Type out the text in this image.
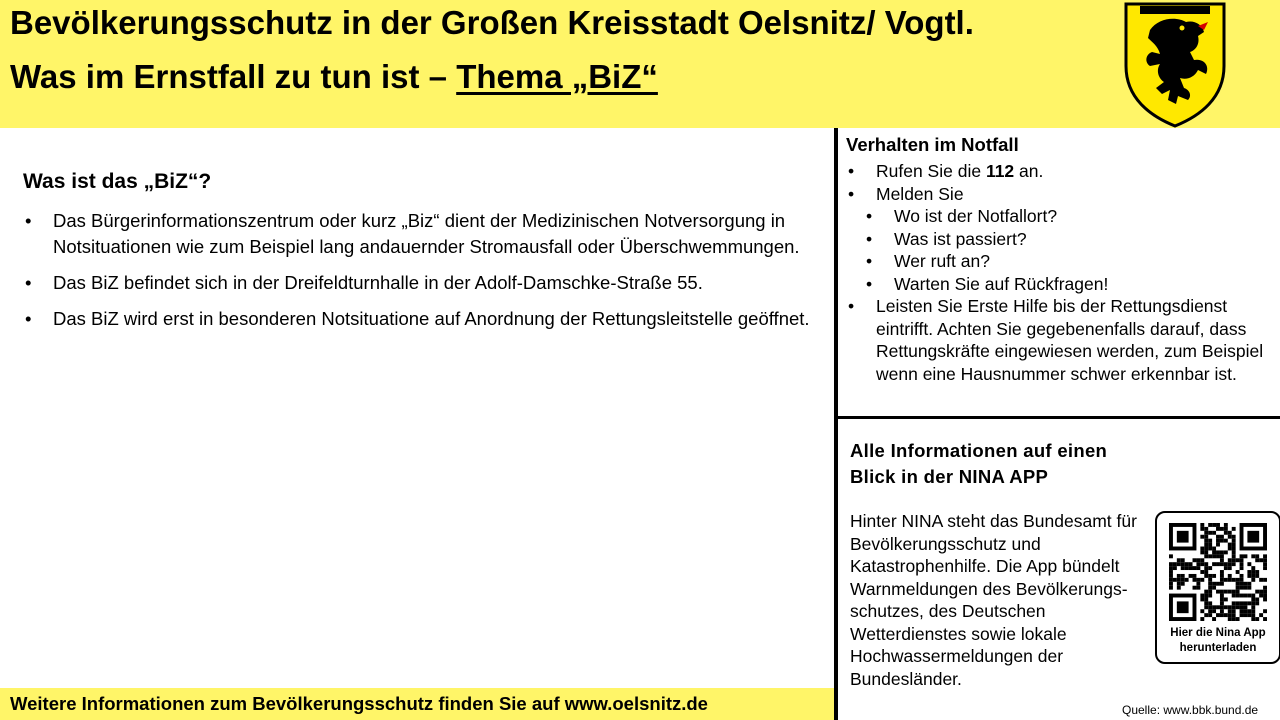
Bevölkerungsschutz in der Großen Kreisstadt Oelsnitz/ Vogtl.
Was im Ernstfall zu tun ist – Thema „BiZ“
Was ist das „BiZ“?
• Das Bürgerinformationszentrum oder kurz „Biz“ dient der Medizinischen Notversorgung in Notsituationen wie zum Beispiel lang andauernder Stromausfall oder Überschwemmungen.
• Das BiZ befindet sich in der Dreifeldturnhalle in der Adolf-Damschke-Straße 55.
• Das BiZ wird erst in besonderen Notsituatione auf Anordnung der Rettungsleitstelle geöffnet.
Verhalten im Notfall
• Rufen Sie die 112 an.
• Melden Sie
• Wo ist der Notfallort?
• Was ist passiert?
• Wer ruft an?
• Warten Sie auf Rückfragen!
• Leisten Sie Erste Hilfe bis der Rettungsdienst eintrifft. Achten Sie gegebenenfalls darauf, dass Rettungskräfte eingewiesen werden, zum Beispiel wenn eine Hausnummer schwer erkennbar ist.
Alle Informationen auf einen
Blick in der NINA APP

Hinter NINA steht das Bundesamt für Bevölkerungsschutz und Katastrophenhilfe. Die App bündelt Warnmeldungen des Bevölkerungs-schutzes, des Deutschen Wetterdienstes sowie lokale Hochwassermeldungen der Bundesländer.

Hier die Nina App
herunterladen
Weitere Informationen zum Bevölkerungsschutz finden Sie auf www.oelsnitz.de	Quelle: www.bbk.bund.de
